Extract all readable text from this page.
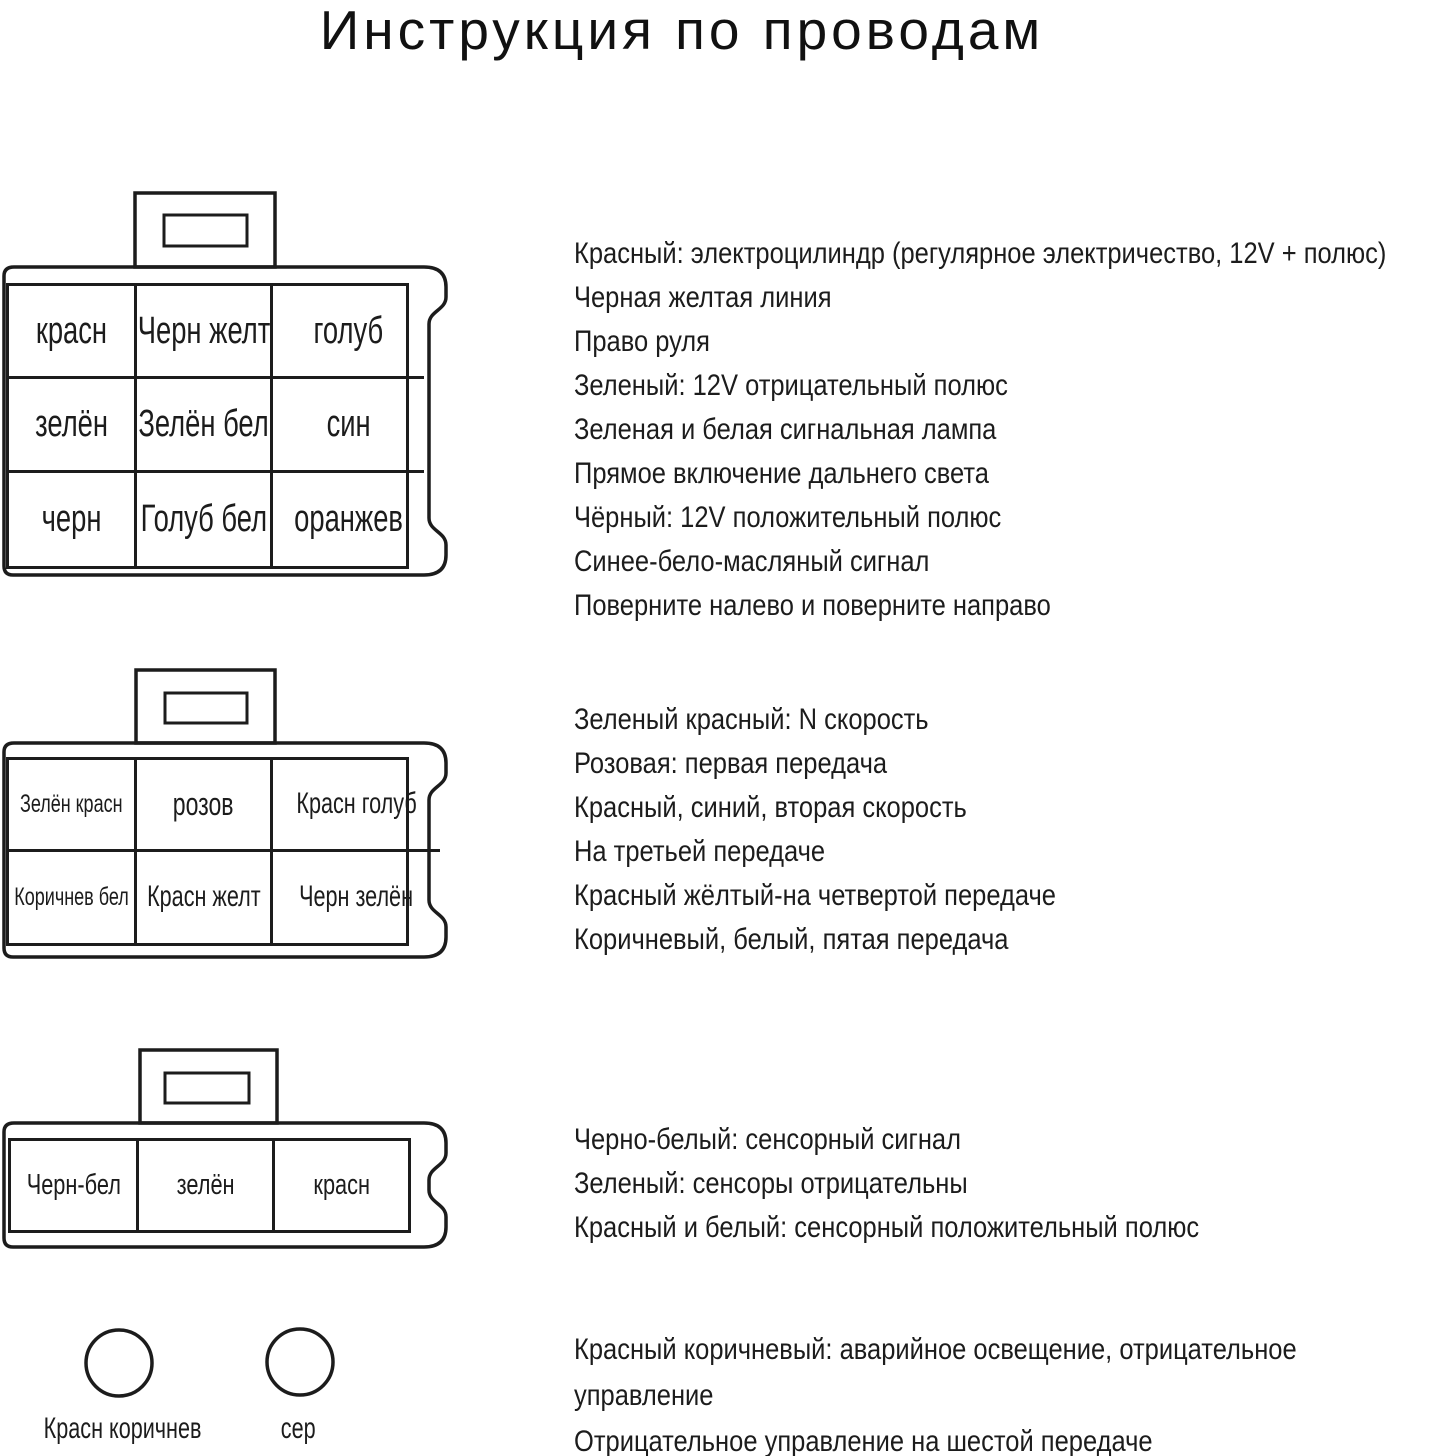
Инструкция по проводам
красн Черн желт голуб
зелён Зелён бел син
черн Голуб бел оранжев
Зелён красн розов Красн голуб
Коричнев бел Красн желт Черн зелён
Черн-бел зелён	красн
Красный: электроцилиндр (регулярное электричество, 12V + полюс)
Черная желтая линия
Право руля
Зеленый: 12V отрицательный полюс
Зеленая и белая сигнальная лампа
Прямое включение дальнего света
Чёрный: 12V положительный полюс
Синее-бело-масляный сигнал
Поверните налево и поверните направо
Зеленый красный: N скорость
Розовая: первая передача
Красный, синий, вторая скорость
На третьей передаче
Красный жёлтый-на четвертой передаче
Коричневый, белый, пятая передача
Черно-белый: сенсорный сигнал
Зеленый: сенсоры отрицательны
Красный и белый: сенсорный положительный полюс
Красный коричневый: аварийное освещение, отрицательное управление
Отрицательное управление на шестой передаче
Красн коричнев	сер
